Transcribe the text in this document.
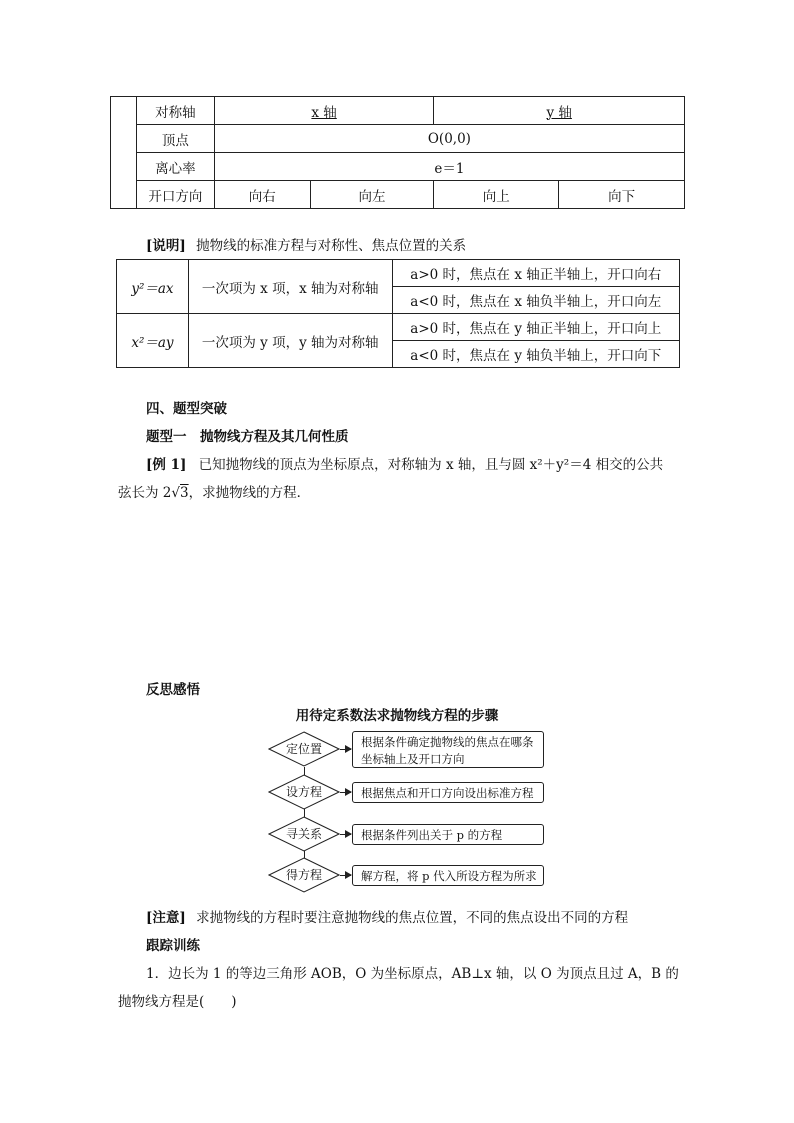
	对称轴	x 轴		y 轴	
	顶点	O(0,0)			
	离心率	e＝1			
	开口方向	向右	向左	向上	向下
[说明] 抛物线的标准方程与对称性、焦点位置的关系
y²＝ax	一次项为 x 项，x 轴为对称轴	a>0 时，焦点在 x 轴正半轴上，开口向右
		a<0 时，焦点在 x 轴负半轴上，开口向左
x²＝ay	一次项为 y 项，y 轴为对称轴	a>0 时，焦点在 y 轴正半轴上，开口向上
		a<0 时，焦点在 y 轴负半轴上，开口向下
四、题型突破
题型一　抛物线方程及其几何性质
[例 1] 已知抛物线的顶点为坐标原点，对称轴为 x 轴，且与圆 x²＋y²＝4 相交的公共
弦长为 2√3，求抛物线的方程．
反思感悟
用待定系数法求抛物线方程的步骤
定位置	根据条件确定抛物线的焦点在哪条
坐标轴上及开口方向
设方程	根据焦点和开口方向设出标准方程
寻关系	根据条件列出关于 p 的方程
得方程	解方程，将 p 代入所设方程为所求
[注意] 求抛物线的方程时要注意抛物线的焦点位置，不同的焦点设出不同的方程
跟踪训练
1．边长为 1 的等边三角形 AOB，O 为坐标原点，AB⊥x 轴，以 O 为顶点且过 A，B 的
抛物线方程是(　　)
